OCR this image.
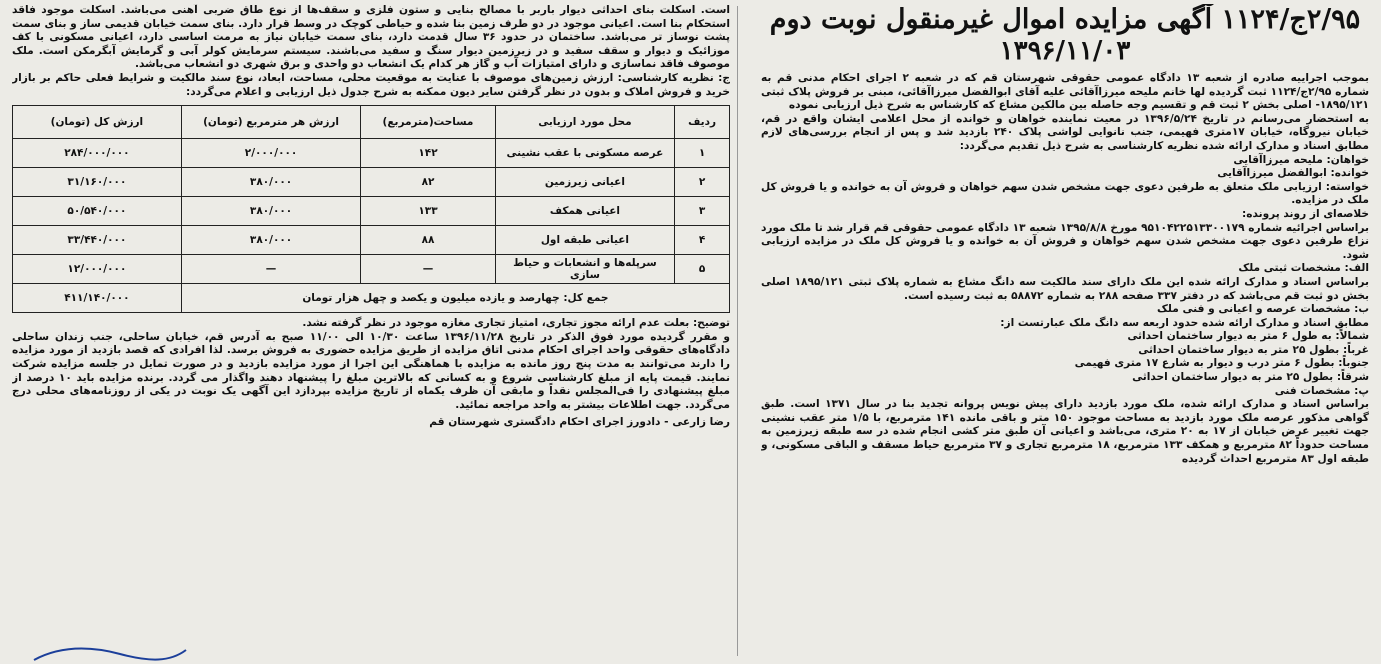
۲/۹۵ج/۱۱۲۴ آگهی مزایده اموال غیرمنقول نوبت دوم
۱۳۹۶/۱۱/۰۳

بموجب اجراییه صادره از شعبه ۱۳ دادگاه عمومی حقوقی شهرستان قم که در شعبه ۲ اجرای احکام مدنی قم به شماره ۲/۹۵ج/۱۱۲۴ ثبت گردیده لها خانم ملیحه میرزاآقائی علیه آقای ابوالفضل میرزاآقائی، مبنی بر فروش پلاک ثبتی ۱۸۹۵/۱۲۱- اصلی بخش ۲ ثبت قم و تقسیم وجه حاصله بین مالکین مشاع که کارشناس به شرح ذیل ارزیابی نموده

به استحضار می‌رسانم در تاریخ ۱۳۹۶/۵/۲۴ در معیت نماینده خواهان و خوانده از محل اعلامی ایشان واقع در قم، خیابان نیروگاه، خیابان ۱۷متری فهیمی، جنب نانوایی لواشی پلاک ۲۴۰ بازدید شد و پس از انجام بررسی‌های لازم مطابق اسناد و مدارک ارائه شده نظریه کارشناسی به شرح ذیل تقدیم می‌گردد:

خواهان: ملیحه میرزاآقایی

خوانده: ابوالفضل میرزاآقایی

خواسته: ارزیابی ملک متعلق به طرفین دعوی جهت مشخص شدن سهم خواهان و فروش آن به خوانده و یا فروش کل ملک در مزایده.

خلاصه‌ای از روند پرونده:

براساس اجرائیه شماره ۹۵۱۰۴۲۲۵۱۳۳۰۰۱۷۹ مورخ ۱۳۹۵/۸/۸ شعبه ۱۳ دادگاه عمومی حقوقی قم قرار شد تا ملک مورد نزاع طرفین دعوی جهت مشخص شدن سهم خواهان و فروش آن به خوانده و یا فروش کل ملک در مزایده ارزیابی شود.

الف: مشخصات ثبتی ملک

براساس اسناد و مدارک ارائه شده این ملک دارای سند مالکیت سه دانگ مشاع به شماره پلاک ثبتی ۱۸۹۵/۱۲۱ اصلی بخش دو ثبت قم می‌باشد که در دفتر ۳۳۷ صفحه ۲۸۸ به شماره ۵۸۸۷۲ به ثبت رسیده است.

ب: مشخصات عرصه و اعیانی و فنی ملک

مطابق اسناد و مدارک ارائه شده حدود اربعه سه دانگ ملک عبارتست از:

شمالاً: به طول ۶ متر به دیوار ساختمان احداثی

غرباً: بطول ۲۵ متر به دیوار ساختمان احداثی

جنوباً: بطول ۶ متر درب و دیوار به شارع ۱۷ متری فهیمی

شرقاً: بطول ۲۵ متر به دیوار ساختمان احداثی

پ: مشخصات فنی

براساس اسناد و مدارک ارائه شده، ملک مورد بازدید دارای پیش نویس پروانه تجدید بنا در سال ۱۳۷۱ است. طبق گواهی مذکور عرصه ملک مورد بازدید به مساحت موجود ۱۵۰ متر و باقی مانده ۱۴۱ مترمربع، با ۱/۵ متر عقب نشینی جهت تغییر عرض خیابان از ۱۷ به ۲۰ متری، می‌باشد و اعیانی آن طبق متر کشی انجام شده در سه طبقه زیرزمین به مساحت حدوداً ۸۲ مترمربع و همکف ۱۳۳ مترمربع، ۱۸ مترمربع تجاری و ۳۷ مترمربع حیاط مسقف و الباقی مسکونی، و طبقه اول ۸۳ مترمربع احداث گردیده

است. اسکلت بنای احداثی دیوار باربر با مصالح بنایی و ستون فلزی و سقف‌ها از نوع طاق ضربی آهنی می‌باشد. اسکلت موجود فاقد استحکام بنا است. اعیانی موجود در دو طرف زمین بنا شده و حیاطی کوچک در وسط قرار دارد. بنای سمت خیابان قدیمی ساز و بنای سمت پشت نوساز تر می‌باشد. ساختمان در حدود ۳۶ سال قدمت دارد، بنای سمت خیابان نیاز به مرمت اساسی دارد، اعیانی مسکونی با کف موزائیک و دیوار و سقف سفید و در زیرزمین دیوار سنگ و سفید می‌باشند. سیستم سرمایش کولر آبی و گرمایش آبگرمکن است. ملک موصوف فاقد نماسازی و دارای امتیازات آب و گاز هر کدام یک انشعاب دو واحدی و برق شهری دو انشعاب می‌باشد.

ج: نظریه کارشناسی: ارزش زمین‌های موصوف با عنایت به موقعیت محلی، مساحت، ابعاد، نوع سند مالکیت و شرایط فعلی حاکم بر بازار خرید و فروش املاک و بدون در نظر گرفتن سایر دیون ممکنه به شرح جدول ذیل ارزیابی و اعلام می‌گردد:

ردیف	محل مورد ارزیابی	مساحت(مترمربع)	ارزش هر مترمربع (تومان)	ارزش کل (تومان)
۱	عرصه مسکونی با عقب نشینی	۱۴۲	۲/۰۰۰/۰۰۰	۲۸۴/۰۰۰/۰۰۰
۲	اعیانی زیرزمین	۸۲	۳۸۰/۰۰۰	۳۱/۱۶۰/۰۰۰
۳	اعیانی همکف	۱۳۳	۳۸۰/۰۰۰	۵۰/۵۴۰/۰۰۰
۴	اعیانی طبقه اول	۸۸	۳۸۰/۰۰۰	۳۳/۴۴۰/۰۰۰
۵	سرپله‌ها و انشعابات و حیاط سازی	—	—	۱۲/۰۰۰/۰۰۰
جمع کل: چهارصد و یازده میلیون و یکصد و چهل هزار تومان				۴۱۱/۱۴۰/۰۰۰

توضیح: بعلت عدم ارائه مجوز تجاری، امتیاز تجاری مغازه موجود در نظر گرفته نشد.

و مقرر گردیده مورد فوق الذکر در تاریخ ۱۳۹۶/۱۱/۲۸ ساعت ۱۰/۳۰ الی ۱۱/۰۰ صبح به آدرس قم، خیابان ساحلی، جنب زندان ساحلی دادگاه‌های حقوقی واحد اجرای احکام مدنی اتاق مزایده از طریق مزایده حضوری به فروش برسد. لذا افرادی که قصد بازدید از مورد مزایده را دارند می‌توانند به مدت پنج روز مانده به مزایده با هماهنگی این اجرا از مورد مزایده بازدید و در صورت تمایل در جلسه مزایده شرکت نمایند. قیمت پایه از مبلغ کارشناسی شروع و به کسانی که بالاترین مبلغ را پیشنهاد دهند واگذار می گردد. برنده مزایده باید ۱۰ درصد از مبلغ پیشنهادی را فی‌المجلس نقداً و مابقی آن ظرف یکماه از تاریخ مزایده بپردازد این آگهی یک نوبت در یکی از روزنامه‌های محلی درج می‌گردد. جهت اطلاعات بیشتر به واحد مراجعه نمائید.

رضا زارعی - دادورز اجرای احکام دادگستری شهرستان قم
